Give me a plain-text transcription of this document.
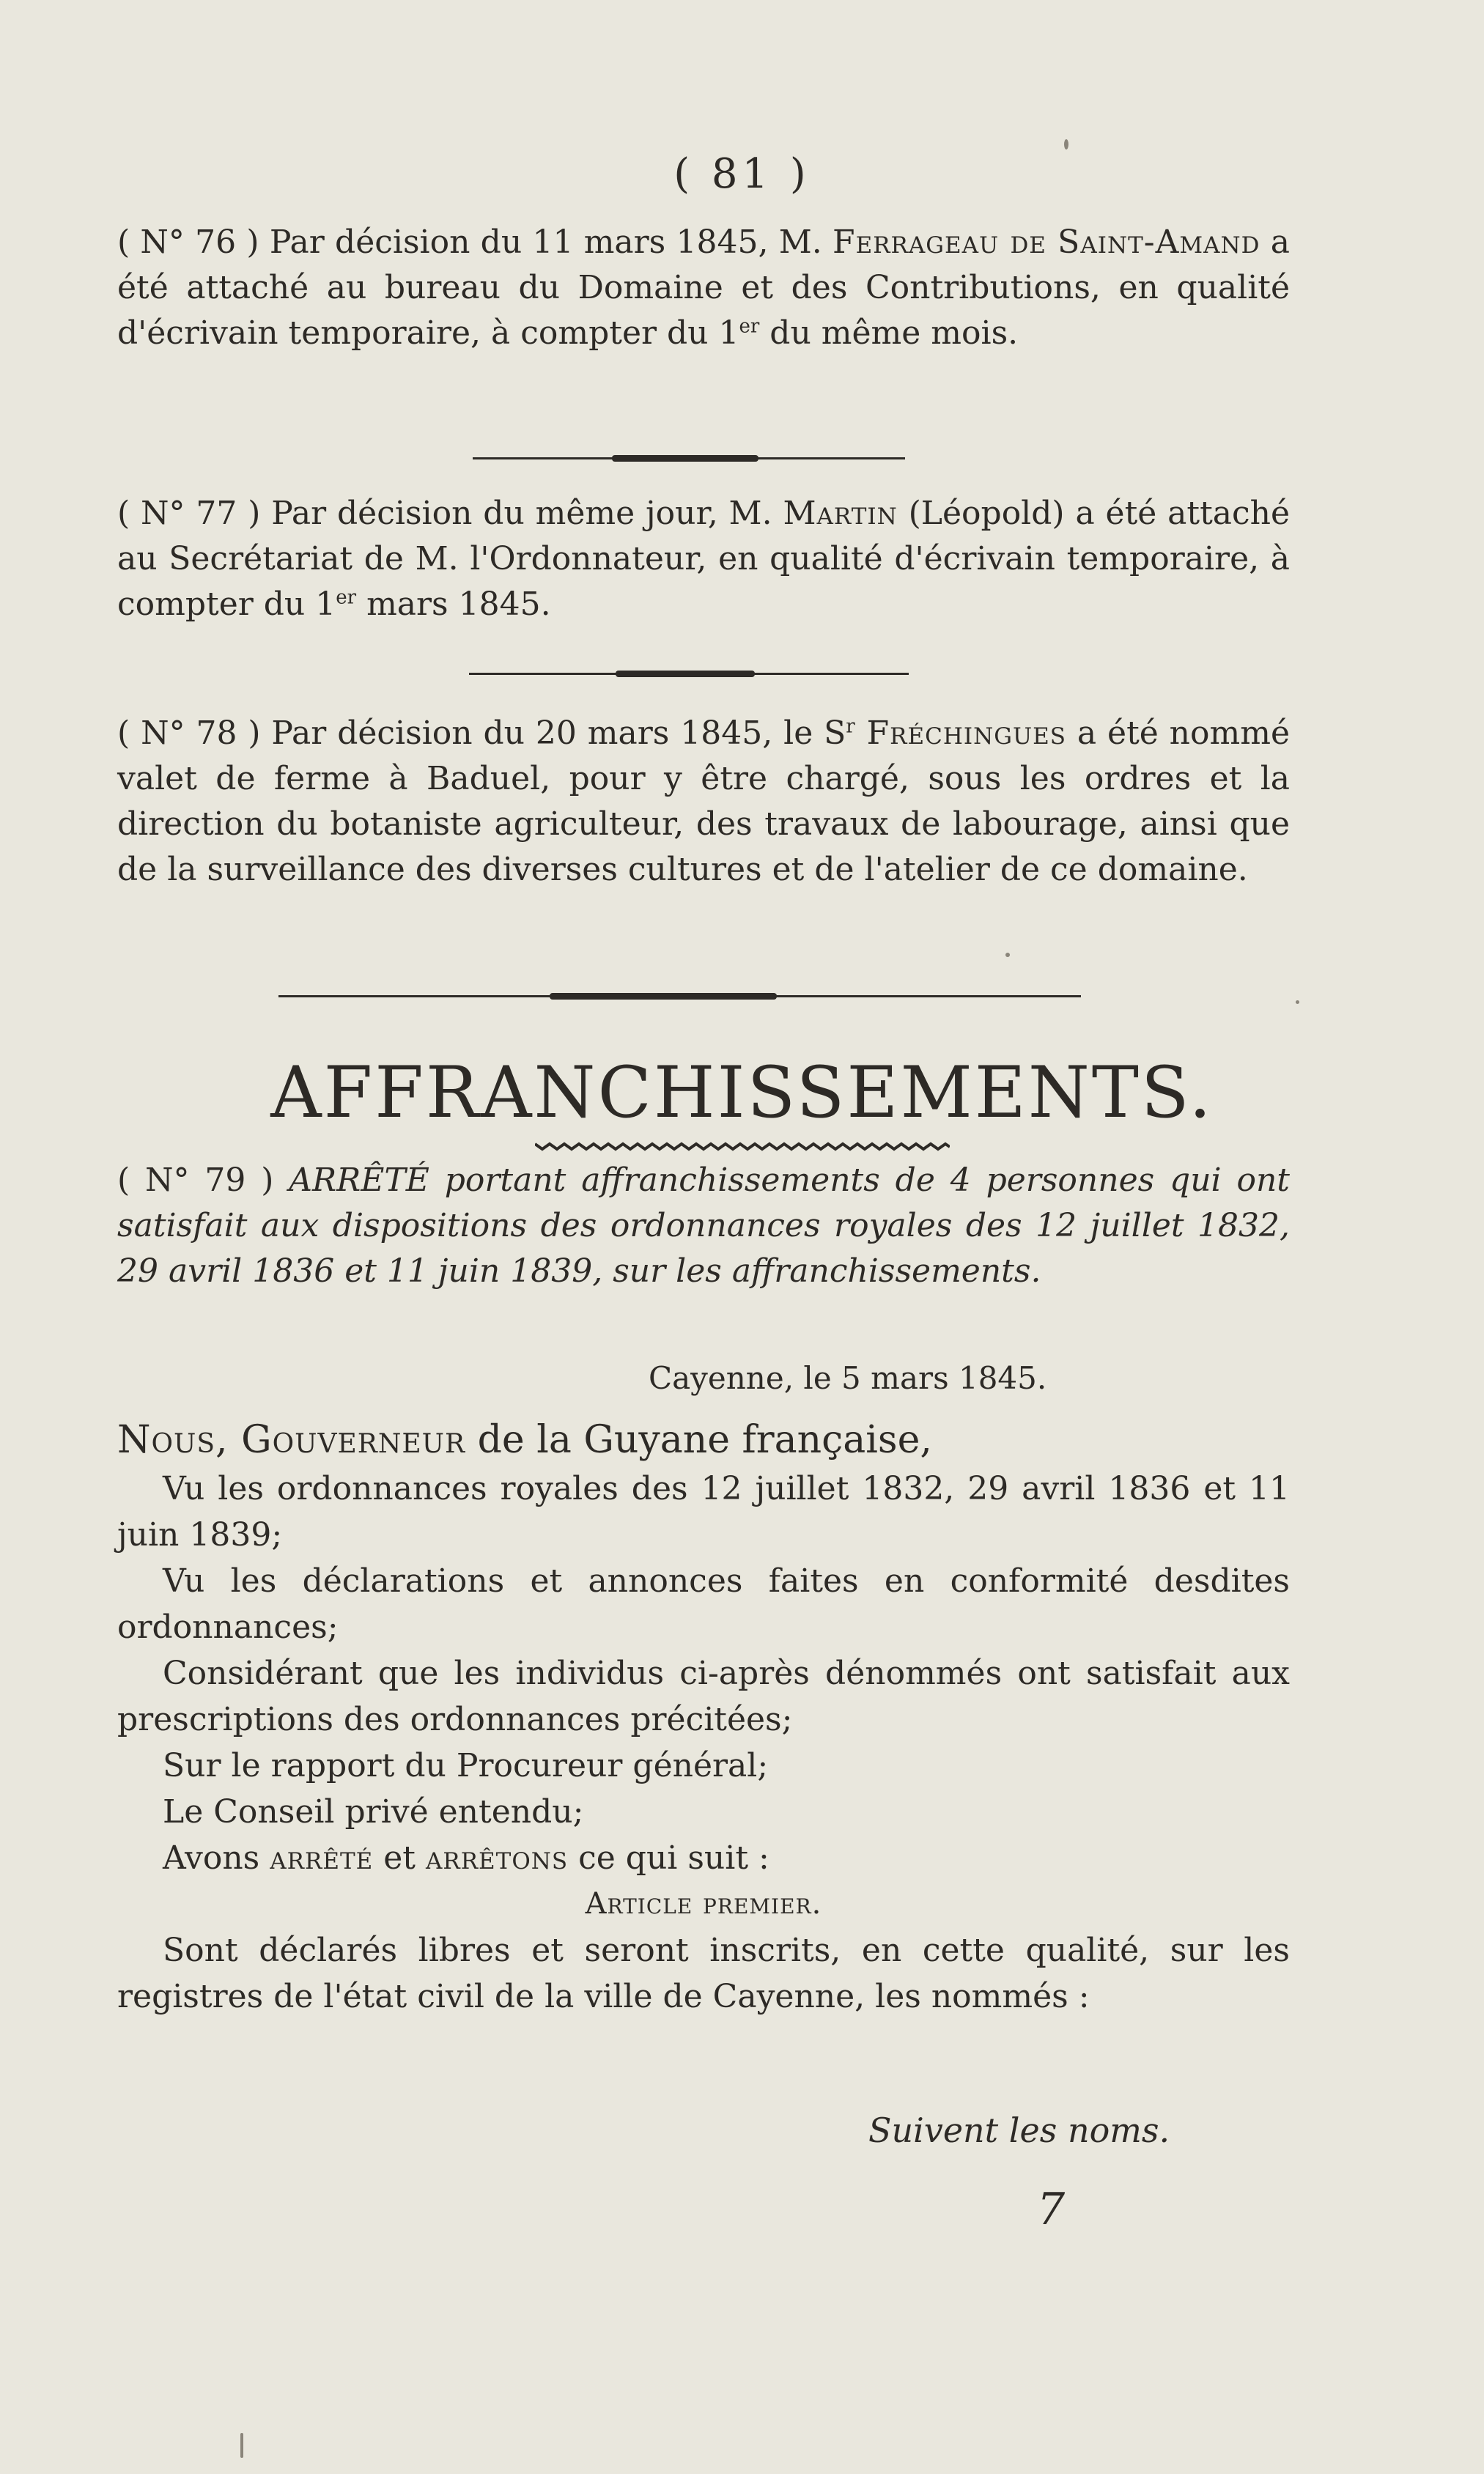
( 81 )

( N° 76 ) Par décision du 11 mars 1845, M. Ferrageau de Saint-Amand a été attaché au bureau du Domaine et des Contributions, en qualité d'écrivain temporaire, à compter du 1er du même mois.

( N° 77 ) Par décision du même jour, M. Martin (Léopold) a été attaché au Secrétariat de M. l'Ordonnateur, en qualité d'écrivain temporaire, à compter du 1er mars 1845.

( N° 78 ) Par décision du 20 mars 1845, le $S^r$ Fréchingues a été nommé valet de ferme à Baduel, pour y être chargé, sous les ordres et la direction du botaniste agriculteur, des travaux de labourage, ainsi que de la surveillance des diverses cultures et de l'atelier de ce domaine.

AFFRANCHISSEMENTS.

( N° 79 ) ARRÊTÉ portant affranchissements de 4 personnes qui ont satisfait aux dispositions des ordonnances royales des 12 juillet 1832, 29 avril 1836 et 11 juin 1839, sur les affranchissements.

Cayenne, le 5 mars 1845.

Nous, Gouverneur de la Guyane française,

Vu les ordonnances royales des 12 juillet 1832, 29 avril 1836 et 11 juin 1839;

Vu les déclarations et annonces faites en conformité desdites ordonnances;

Considérant que les individus ci-après dénommés ont satisfait aux prescriptions des ordonnances précitées;

Sur le rapport du Procureur général;

Le Conseil privé entendu;

Avons arrêté et arrêtons ce qui suit :

Article premier.

Sont déclarés libres et seront inscrits, en cette qualité, sur les registres de l'état civil de la ville de Cayenne, les nommés :

Suivent les noms.
7
